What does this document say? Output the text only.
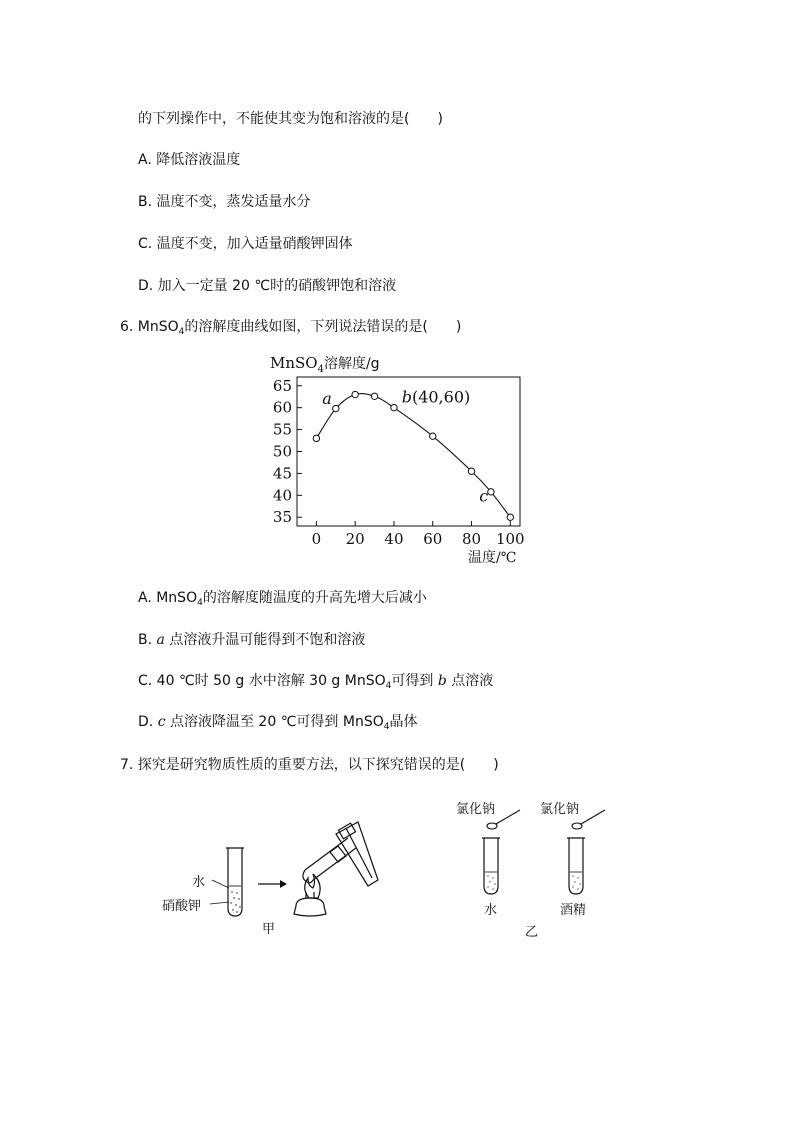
的下列操作中，不能使其变为饱和溶液的是(　　)
A. 降低溶液温度
B. 温度不变，蒸发适量水分
C. 温度不变，加入适量硝酸钾固体
D. 加入一定量 20 ℃时的硝酸钾饱和溶液
6. MnSO$_4$的溶解度曲线如图，下列说法错误的是(　　)
MnSO$_4$溶解度/g
35
40
45
50
55
60
65
0 20 40 60 80 100
a	b(40,60)
c
温度/℃
A. MnSO$_4$的溶解度随温度的升高先增大后减小
B. a 点溶液升温可能得到不饱和溶液
C. 40 ℃时 50 g 水中溶解 30 g MnSO$_4$可得到 b 点溶液
D. c 点溶液降温至 20 ℃可得到 MnSO$_4$晶体
7. 探究是研究物质性质的重要方法，以下探究错误的是(　　)
水
硝酸钾
甲
氯化钠	氯化钠
水	酒精
乙
